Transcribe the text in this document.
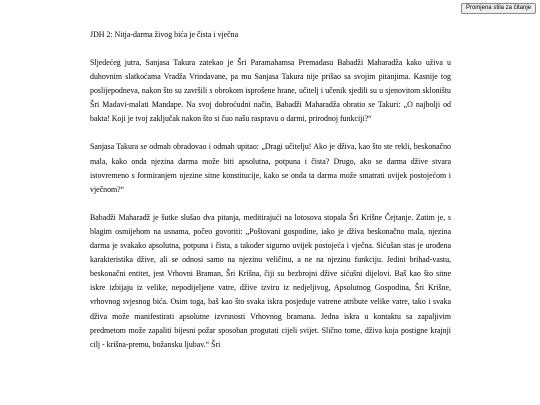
Promjena stila za čitanje
JDH 2: Nitja-darma živog bića je čista i vječna

Sljedećeg jutra, Sanjasa Takura zatekao je Šri Paramahamsa Premadasu Babadži Maharadža kako uživa u duhovnim slatkoćama Vradža Vrindavane, pa mu Sanjasa Takura nije prišao sa svojim pitanjima. Kasnije tog poslijepodneva, nakon što su završili s obrokom isprošene hrane, učitelj i učenik sjedili su u sjenovitom skloništu Šri Madavi-malati Mandape. Na svoj dobroćudni način, Babadži Maharadža obratio se Takuri: „O najbolji od bakta! Koji je tvoj zaključak nakon što si čuo našu raspravu o darmi, prirodnoj funkciji?“

Sanjasa Takura se odmah obradovao i odmah upitao: „Dragi učitelju! Ako je dživa, kao što ste rekli, beskonačno mala, kako onda njezina darma može biti apsolutna, potpuna i čista? Drugo, ako se darma džive stvara istovremeno s formiranjem njezine sitne konstitucije, kako se onda ta darma može smatrati uvijek postojećom i vječnom?“

Babadži Maharadž je šutke slušao dva pitanja, meditirajući na lotosova stopala Šri Krišne Čejtanje. Zatim je, s blagim osmijehom na usnama, počeo govoriti: „Poštovani gospodine, iako je dživa beskonačno mala, njezina darma je svakako apsolutna, potpuna i čista, a također sigurno uvijek postojeća i vječna. Sićušan stas je urođena karakteristika džive, ali se odnosi samo na njezinu veličinu, a ne na njezinu funkciju. Jedini brihad-vastu, beskonačni entitet, jest Vrhovni Braman, Šri Krišna, čiji su bezbrojni džive sićušni dijelovi. Baš kao što sitne iskre izbijaju iz velike, nepodijeljene vatre, džive izviru iz nedjeljivog, Apsolutnog Gospodina, Šri Krišne, vrhovnog svjesnog bića. Osim toga, baš kao što svaka iskra posjeduje vatrene atribute velike vatre, tako i svaka dživa može manifestirati apsolutne izvrsnosti Vrhovnog bramana. Jedna iskra u kontaktu sa zapaljivim predmetom može zapaliti bijesni požar sposoban progutati cijeli svijet. Slično tome, dživa koja postigne krajnji cilj - krišna-premu, božansku ljubav.“ Šri
